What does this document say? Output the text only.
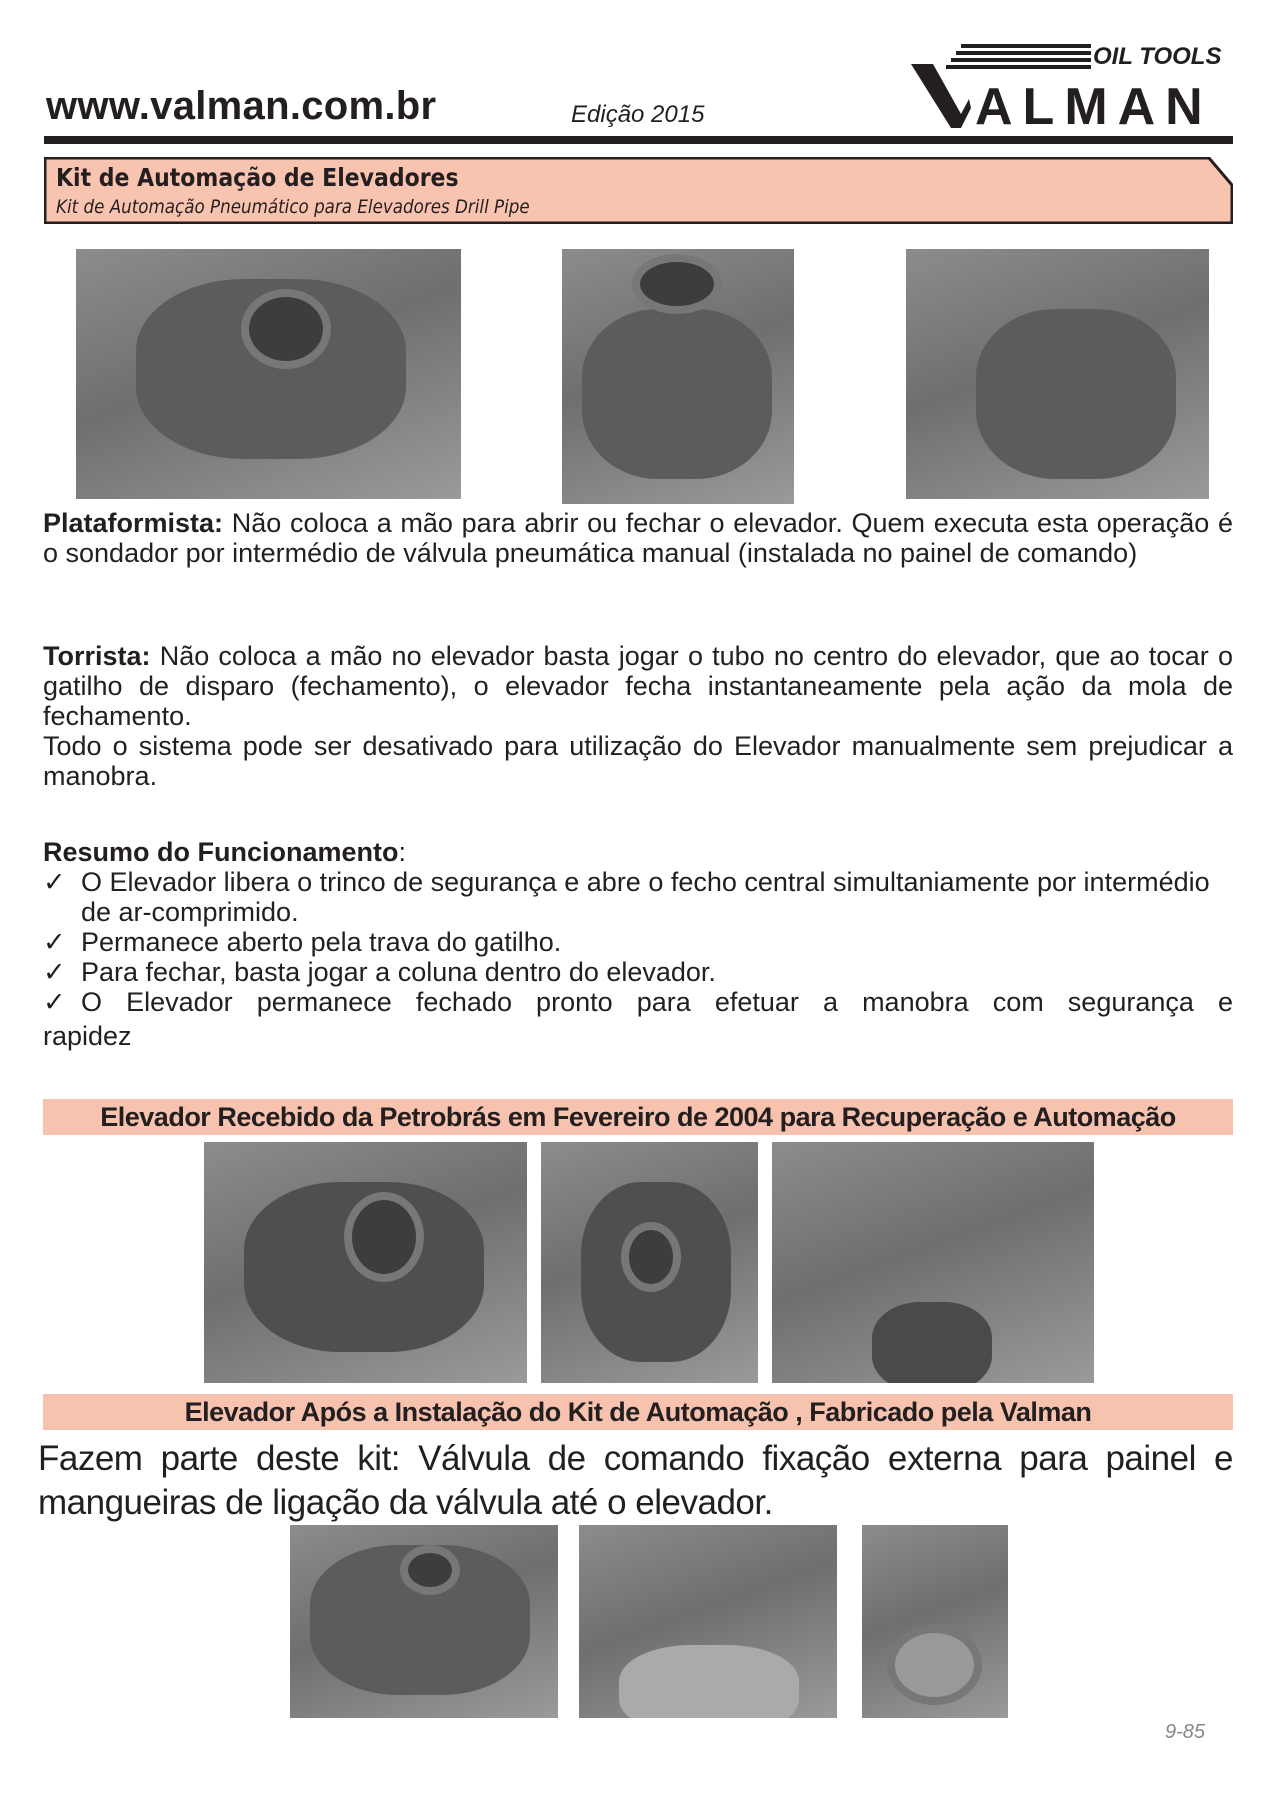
www.valman.com.br	Edição 2015
OIL TOOLS
ALMAN
Kit de Automação de Elevadores
Kit de Automação Pneumático para Elevadores Drill Pipe
Plataformista: Não coloca a mão para abrir ou fechar o elevador. Quem executa esta operação é o sondador por intermédio de válvula pneumática manual (instalada no painel de comando)
Torrista: Não coloca a mão no elevador basta jogar o tubo no centro do elevador, que ao tocar o gatilho de disparo (fechamento), o elevador fecha instantaneamente pela ação da mola de fechamento.
Todo o sistema pode ser desativado para utilização do Elevador manualmente sem prejudicar a manobra.
Resumo do Funcionamento:
✓ O Elevador libera o trinco de segurança e abre o fecho central simultaniamente por intermédio de ar-comprimido.
✓ Permanece aberto pela trava do gatilho.
✓ Para fechar, basta jogar a coluna dentro do elevador.
✓ O Elevador permanece fechado pronto para efetuar a manobra com segurança e
rapidez
Elevador Recebido da Petrobrás em Fevereiro de 2004 para Recuperação e Automação
Elevador Após a Instalação do Kit de Automação , Fabricado pela Valman
Fazem parte deste kit: Válvula de comando fixação externa para painel e mangueiras de ligação da válvula até o elevador.
9-85
